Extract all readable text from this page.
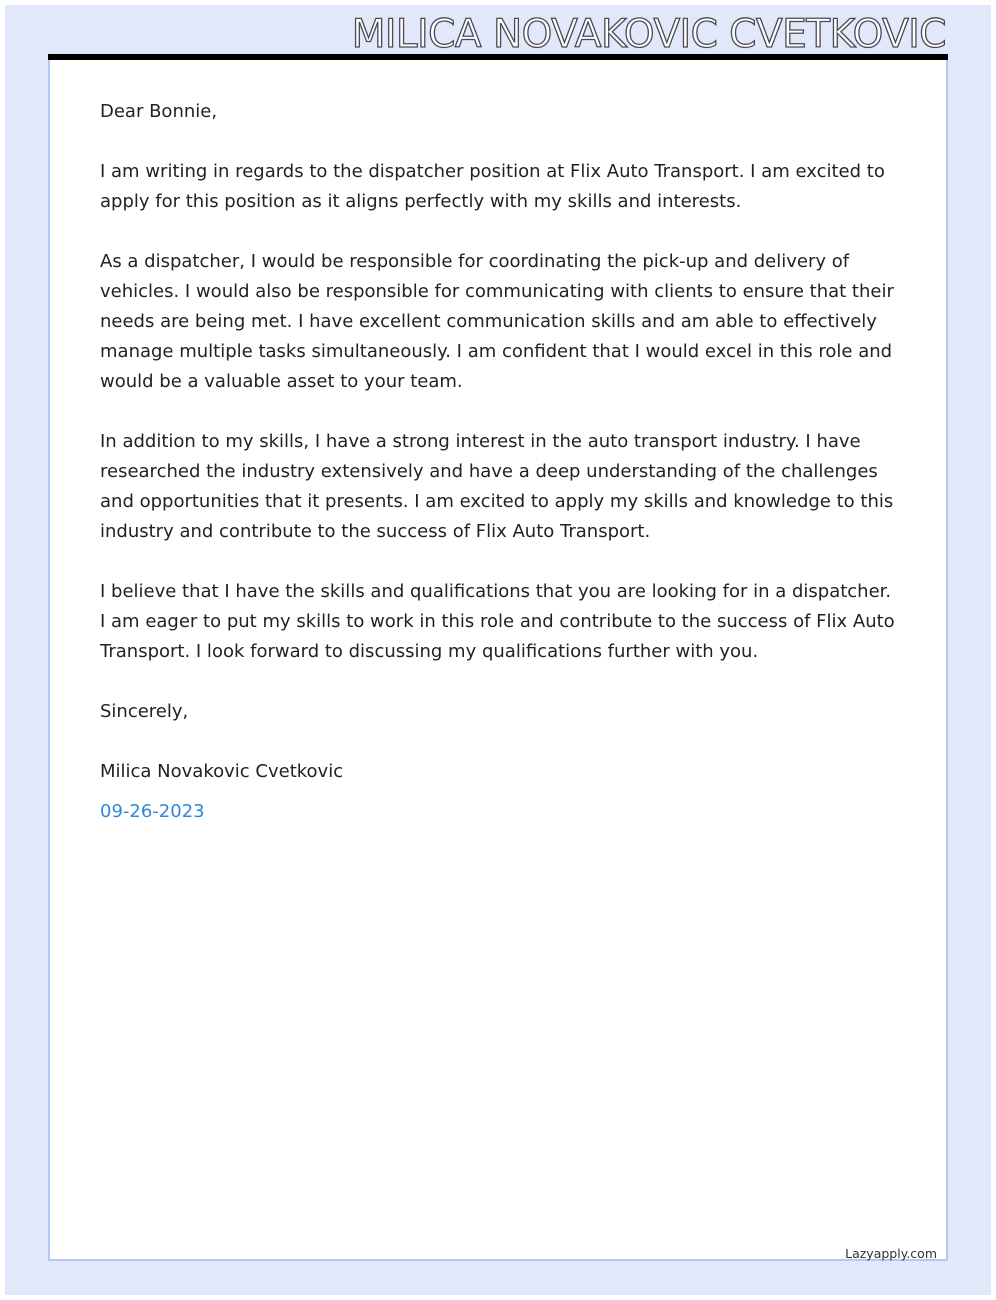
MILICA NOVAKOVIC CVETKOVIC

Dear Bonnie,

I am writing in regards to the dispatcher position at Flix Auto Transport. I am excited to apply for this position as it aligns perfectly with my skills and interests.

As a dispatcher, I would be responsible for coordinating the pick-up and delivery of vehicles. I would also be responsible for communicating with clients to ensure that their needs are being met. I have excellent communication skills and am able to effectively manage multiple tasks simultaneously. I am confident that I would excel in this role and would be a valuable asset to your team.

In addition to my skills, I have a strong interest in the auto transport industry. I have researched the industry extensively and have a deep understanding of the challenges and opportunities that it presents. I am excited to apply my skills and knowledge to this industry and contribute to the success of Flix Auto Transport.

I believe that I have the skills and qualifications that you are looking for in a dispatcher. I am eager to put my skills to work in this role and contribute to the success of Flix Auto Transport. I look forward to discussing my qualifications further with you.

Sincerely,

Milica Novakovic Cvetkovic

09-26-2023

Lazyapply.com
